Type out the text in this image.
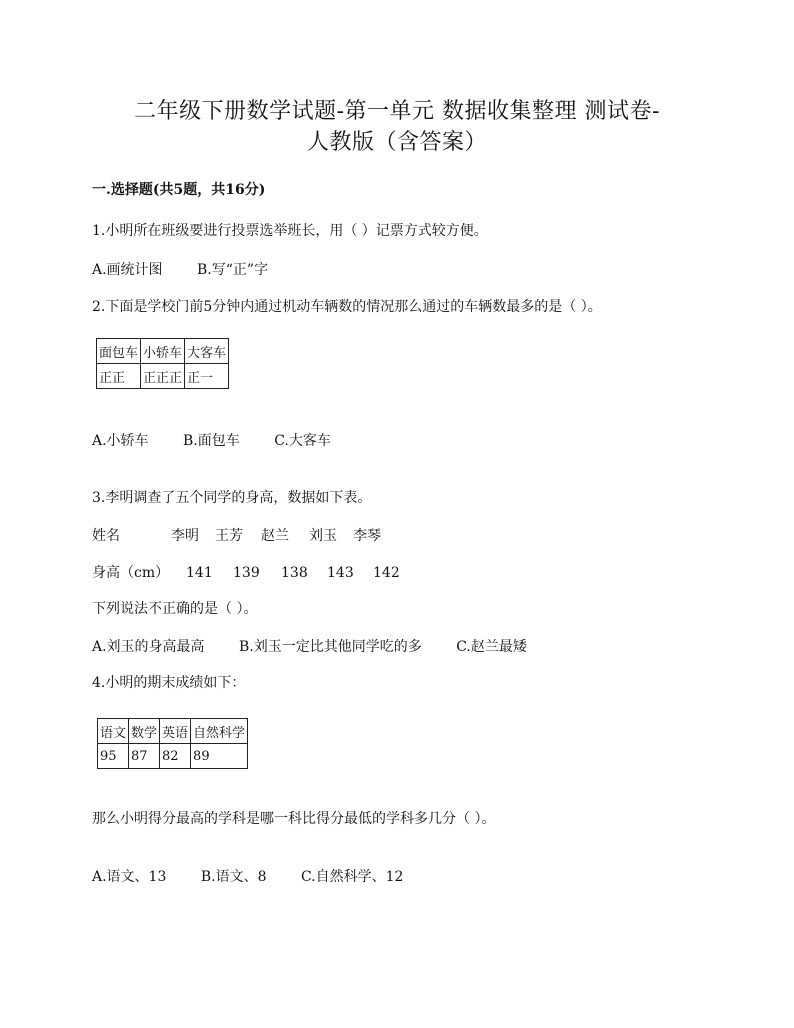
二年级下册数学试题-第一单元 数据收集整理 测试卷-
人教版（含答案）
一.选择题(共5题，共16分)
1.小明所在班级要进行投票选举班长，用（ ）记票方式较方便。
A.画统计图 B.写“正”字
2.下面是学校门前5分钟内通过机动车辆数的情况那么通过的车辆数最多的是（ ）。
面包车	小轿车	大客车
正正	正正正	正一
A.小轿车 B.面包车 C.大客车
3.李明调查了五个同学的身高，数据如下表。
姓名	李明 王芳 赵兰 刘玉 李琴
身高（cm） 141 139 138 143 142
下列说法不正确的是（ ）。
A.刘玉的身高最高 B.刘玉一定比其他同学吃的多 C.赵兰最矮
4.小明的期末成绩如下：
语文	数学	英语	自然科学
95	87	82	89
那么小明得分最高的学科是哪一科比得分最低的学科多几分（ ）。
A.语文、13 B.语文、8 C.自然科学、12
